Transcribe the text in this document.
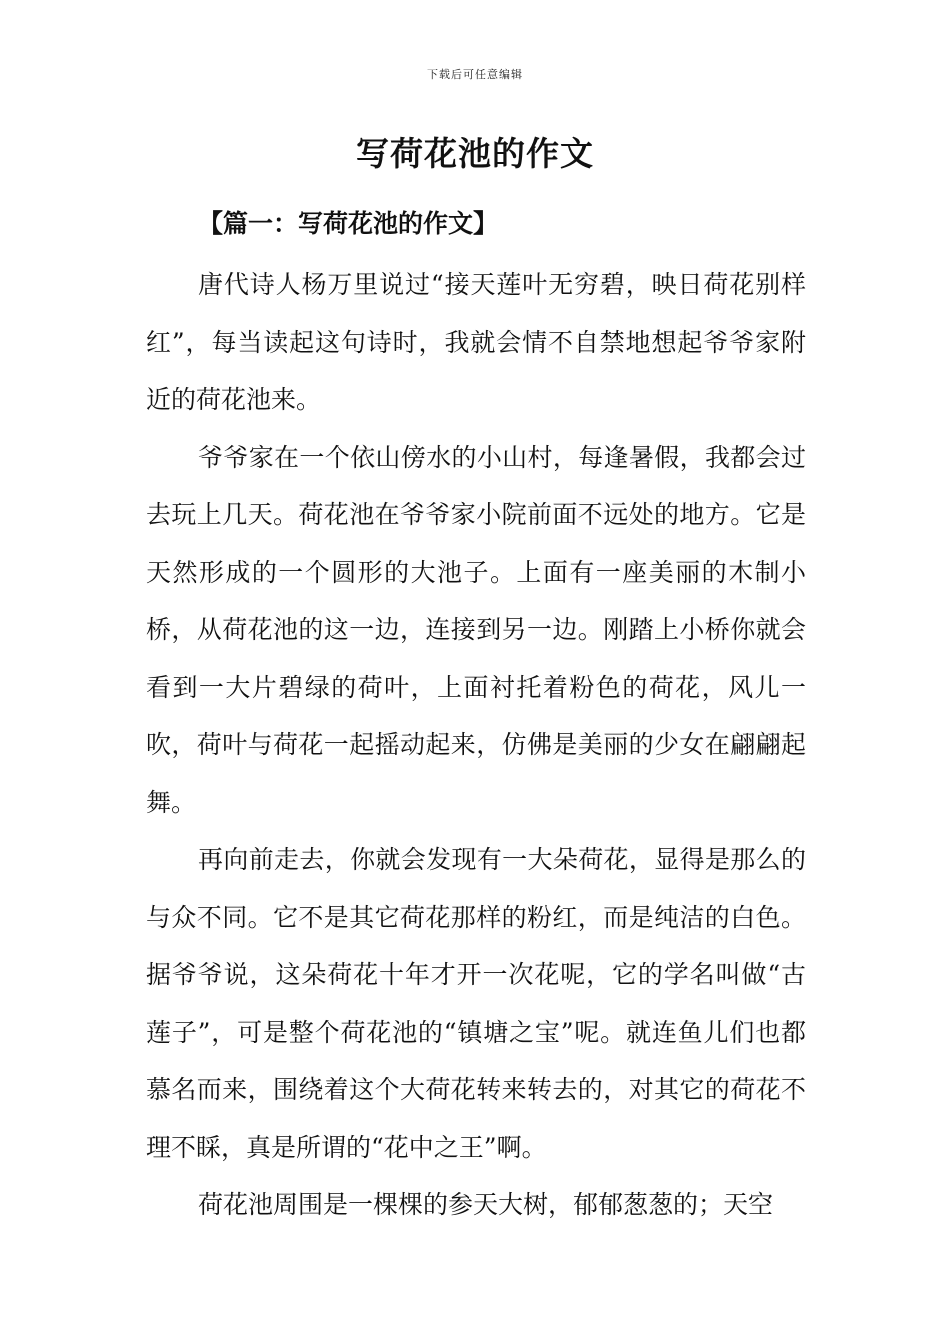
下载后可任意编辑
写荷花池的作文
【篇一：写荷花池的作文】

唐代诗人杨万里说过“接天莲叶无穷碧，映日荷花别样红”，每当读起这句诗时，我就会情不自禁地想起爷爷家附近的荷花池来。

爷爷家在一个依山傍水的小山村，每逢暑假，我都会过去玩上几天。荷花池在爷爷家小院前面不远处的地方。它是天然形成的一个圆形的大池子。上面有一座美丽的木制小桥，从荷花池的这一边，连接到另一边。刚踏上小桥你就会看到一大片碧绿的荷叶，上面衬托着粉色的荷花，风儿一吹，荷叶与荷花一起摇动起来，仿佛是美丽的少女在翩翩起舞。

再向前走去，你就会发现有一大朵荷花，显得是那么的与众不同。它不是其它荷花那样的粉红，而是纯洁的白色。据爷爷说，这朵荷花十年才开一次花呢，它的学名叫做“古莲子”，可是整个荷花池的“镇塘之宝”呢。就连鱼儿们也都慕名而来，围绕着这个大荷花转来转去的，对其它的荷花不理不睬，真是所谓的“花中之王”啊。

荷花池周围是一棵棵的参天大树，郁郁葱葱的；天空
